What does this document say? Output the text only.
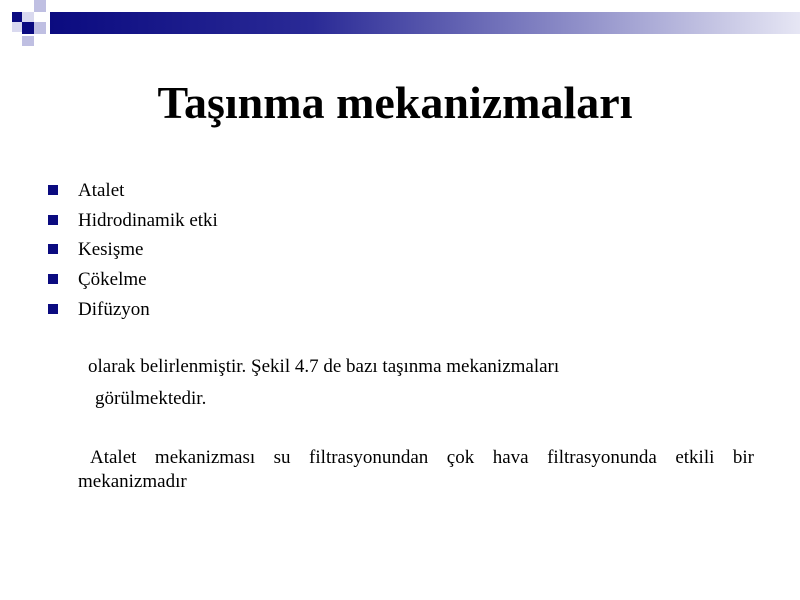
Taşınma mekanizmaları
Atalet
Hidrodinamik etki
Kesişme
Çökelme
Difüzyon

olarak belirlenmiştir. Şekil 4.7 de bazı taşınma mekanizmaları

görülmektedir.

Atalet mekanizması su filtrasyonundan çok hava filtrasyonunda etkili bir mekanizmadır
